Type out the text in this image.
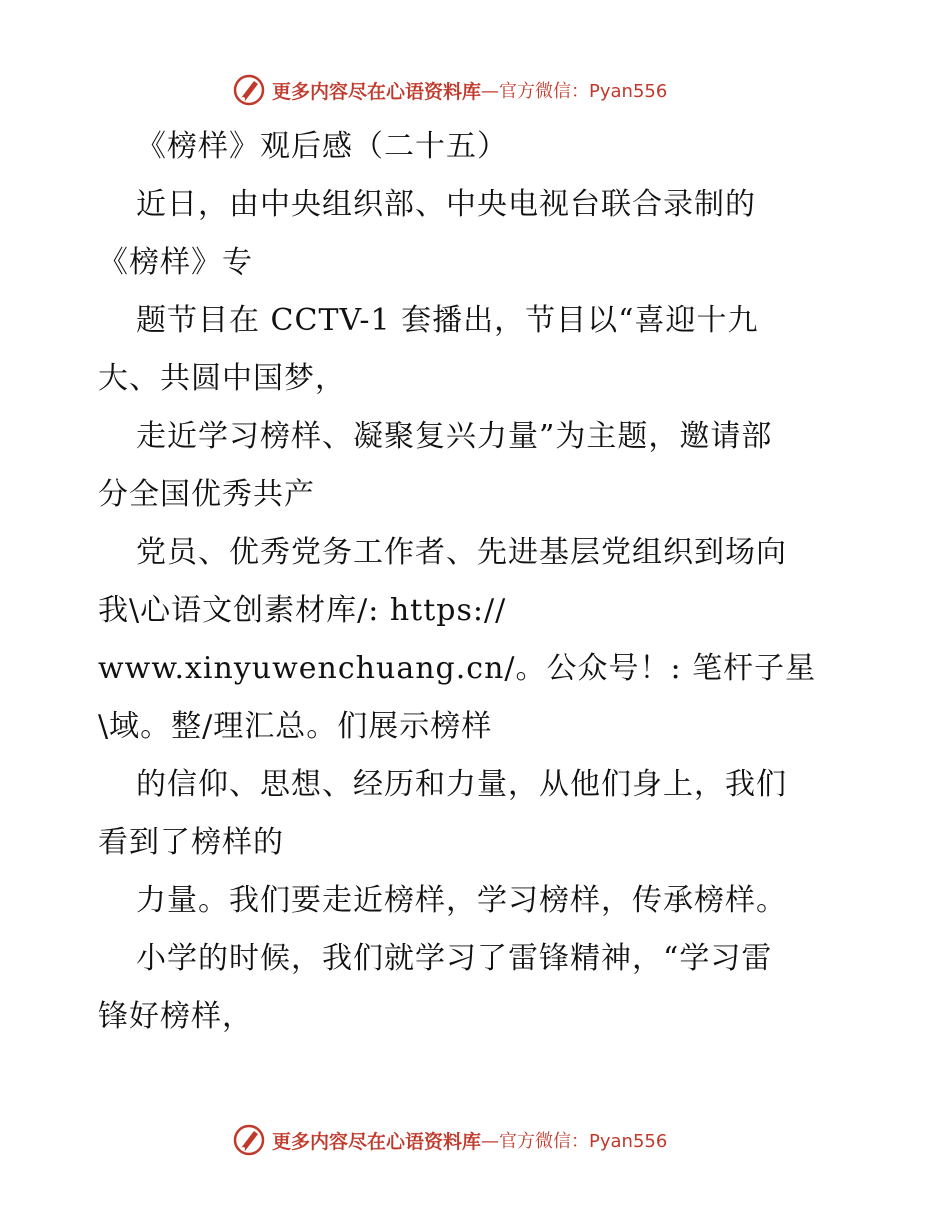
更多内容尽在心语资料库 —官方微信：Pyan556
《榜样》观后感（二十五）
近日，由中央组织部、中央电视台联合录制的
《榜样》专
题节目在 CCTV-1 套播出，节目以“喜迎十九
大、共圆中国梦，
走近学习榜样、凝聚复兴力量”为主题，邀请部
分全国优秀共产
党员、优秀党务工作者、先进基层党组织到场向
我\心语文创素材库/: https://
www.xinyuwenchuang.cn/。公众号！: 笔杆子星
\域。整/理汇总。们展示榜样
的信仰、思想、经历和力量，从他们身上，我们
看到了榜样的
力量。我们要走近榜样，学习榜样，传承榜样。
小学的时候，我们就学习了雷锋精神，“学习雷
锋好榜样，
更多内容尽在心语资料库 —官方微信：Pyan556
